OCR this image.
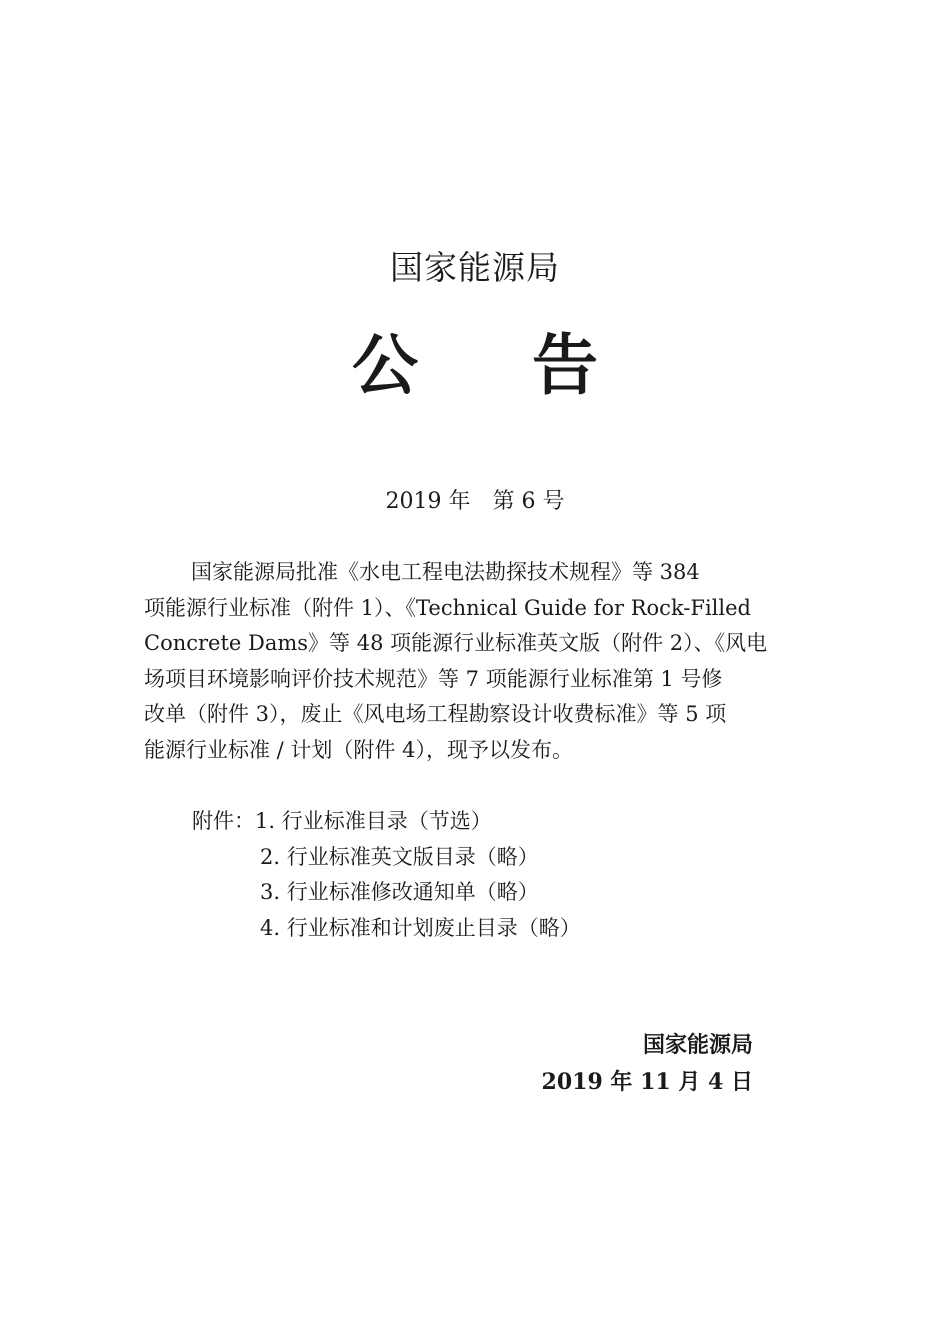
国家能源局
公告
2019 年　第 6 号
国家能源局批准《水电工程电法勘探技术规程》等 384
项能源行业标准（附件 1）、《Technical Guide for Rock-Filled
Concrete Dams》等 48 项能源行业标准英文版（附件 2）、《风电
场项目环境影响评价技术规范》等 7 项能源行业标准第 1 号修
改单（附件 3），废止《风电场工程勘察设计收费标准》等 5 项
能源行业标准 / 计划（附件 4），现予以发布。
附件：1. 行业标准目录（节选）
2. 行业标准英文版目录（略）
3. 行业标准修改通知单（略）
4. 行业标准和计划废止目录（略）
国家能源局
2019 年 11 月 4 日
